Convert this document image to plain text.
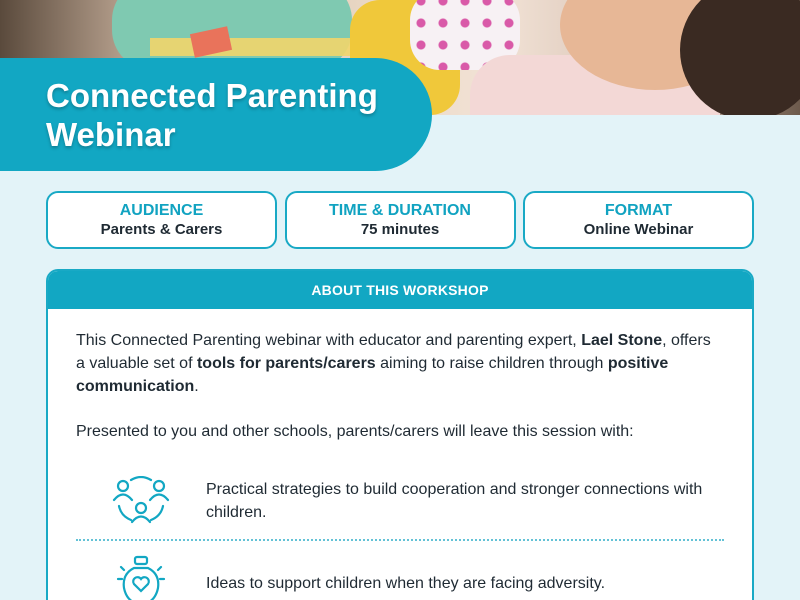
Connected Parenting
Webinar
AUDIENCE
Parents & Carers
TIME & DURATION
75 minutes
FORMAT
Online Webinar
ABOUT THIS WORKSHOP

This Connected Parenting webinar with educator and parenting expert, Lael Stone, offers a valuable set of tools for parents/carers aiming to raise children through positive communication.

Presented to you and other schools, parents/carers will leave this session with:

Practical strategies to build cooperation and stronger connections with children.
Ideas to support children when they are facing adversity.
